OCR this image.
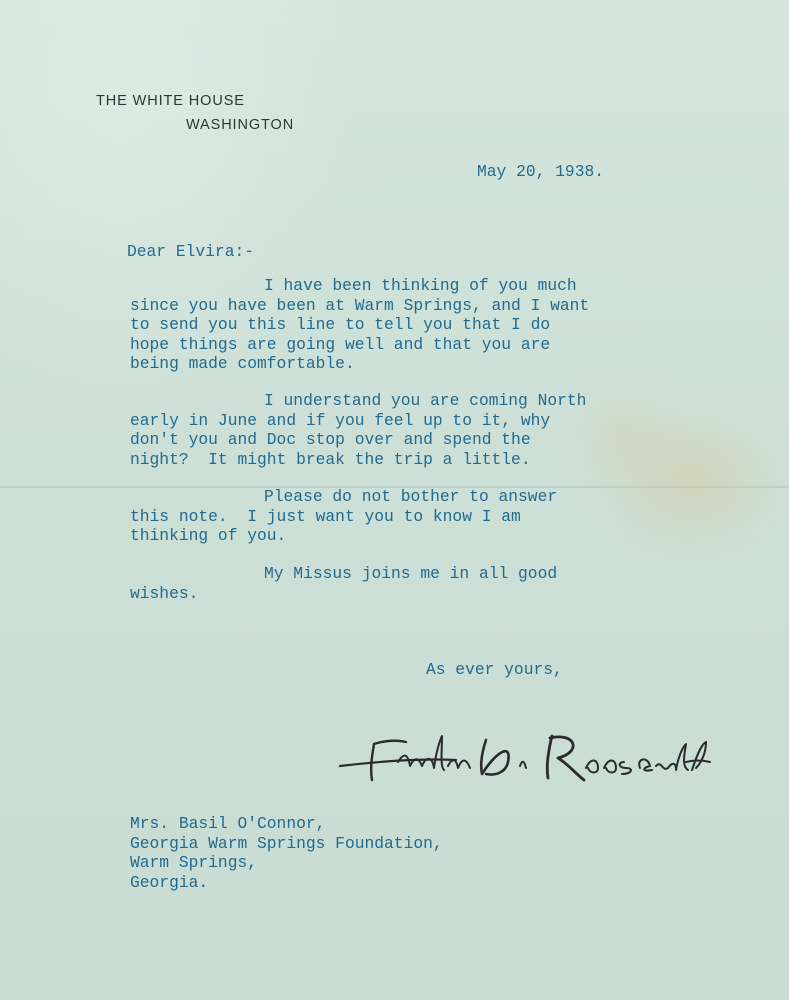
THE WHITE HOUSE
WASHINGTON
May 20, 1938.
Dear Elvira:-
I have been thinking of you much
since you have been at Warm Springs, and I want
to send you this line to tell you that I do
hope things are going well and that you are
being made comfortable.
I understand you are coming North
early in June and if you feel up to it, why
don't you and Doc stop over and spend the
night?  It might break the trip a little.
Please do not bother to answer
this note.  I just want you to know I am
thinking of you.
My Missus joins me in all good
wishes.
As ever yours,
Mrs. Basil O'Connor,
Georgia Warm Springs Foundation,
Warm Springs,
Georgia.
